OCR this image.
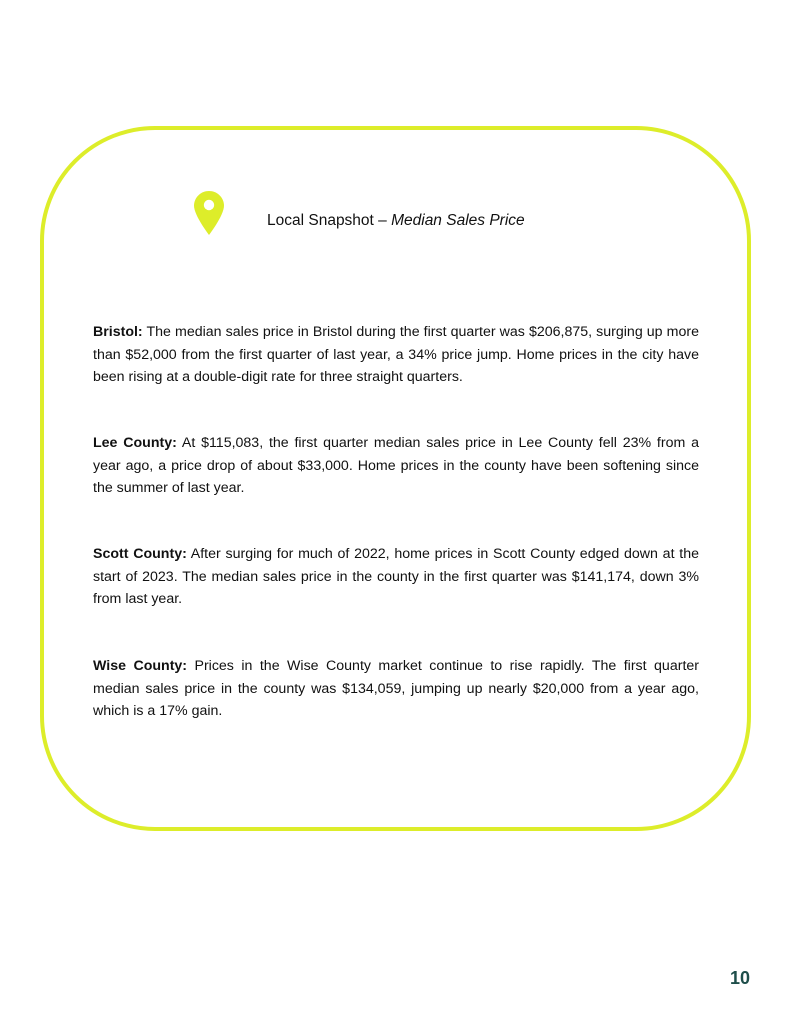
Local Snapshot – Median Sales Price

Bristol: The median sales price in Bristol during the first quarter was $206,875, surging up more than $52,000 from the first quarter of last year, a 34% price jump. Home prices in the city have been rising at a double-digit rate for three straight quarters.

Lee County: At $115,083, the first quarter median sales price in Lee County fell 23% from a year ago, a price drop of about $33,000. Home prices in the county have been softening since the summer of last year.

Scott County: After surging for much of 2022, home prices in Scott County edged down at the start of 2023. The median sales price in the county in the first quarter was $141,174, down 3% from last year.

Wise County: Prices in the Wise County market continue to rise rapidly. The first quarter median sales price in the county was $134,059, jumping up nearly $20,000 from a year ago, which is a 17% gain.

10
